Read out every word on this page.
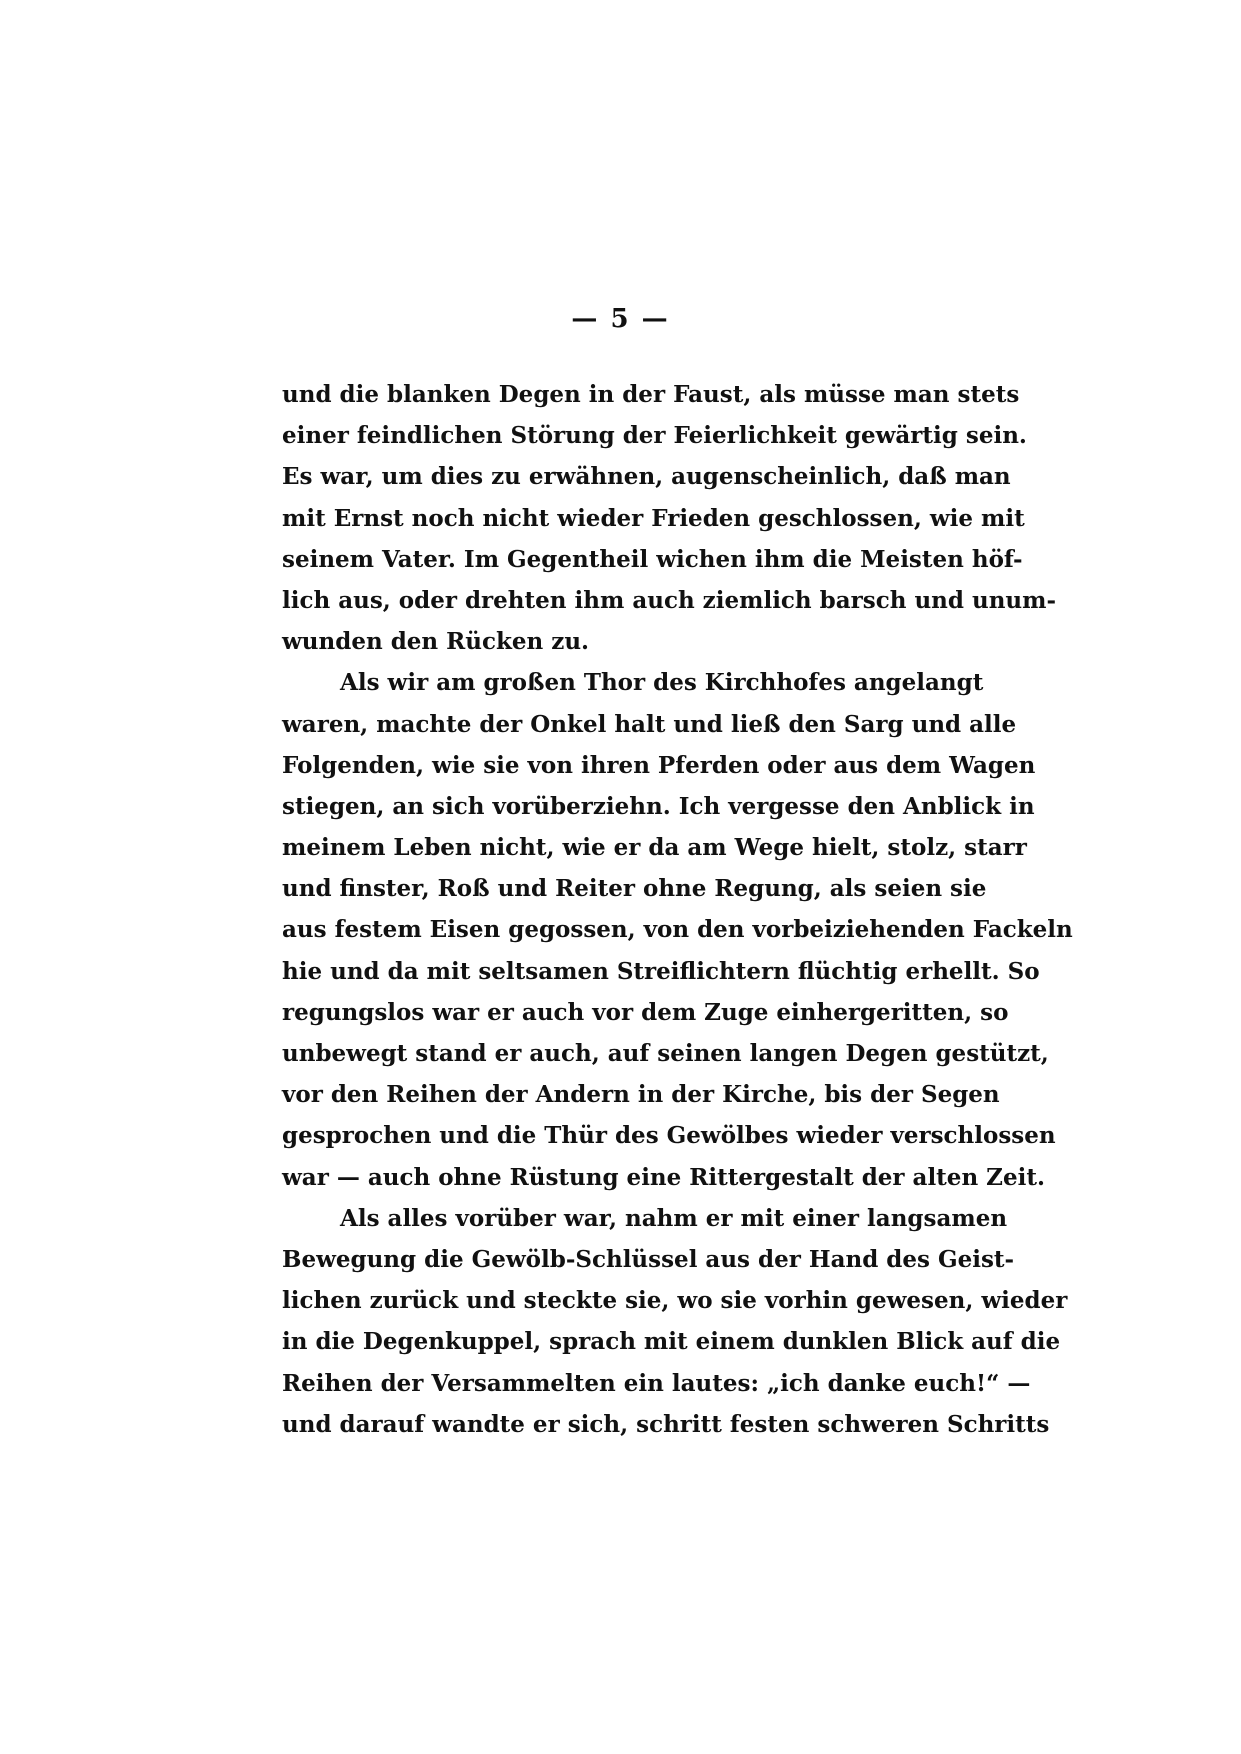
— 5 —
und die blanken Degen in der Faust, als müsse man stets
einer feindlichen Störung der Feierlichkeit gewärtig sein.
Es war, um dies zu erwähnen, augenscheinlich, daß man
mit Ernst noch nicht wieder Frieden geschlossen, wie mit
seinem Vater. Im Gegentheil wichen ihm die Meisten höf-
lich aus, oder drehten ihm auch ziemlich barsch und unum-
wunden den Rücken zu.
Als wir am großen Thor des Kirchhofes angelangt
waren, machte der Onkel halt und ließ den Sarg und alle
Folgenden, wie sie von ihren Pferden oder aus dem Wagen
stiegen, an sich vorüberziehn. Ich vergesse den Anblick in
meinem Leben nicht, wie er da am Wege hielt, stolz, starr
und finster, Roß und Reiter ohne Regung, als seien sie
aus festem Eisen gegossen, von den vorbeiziehenden Fackeln
hie und da mit seltsamen Streiflichtern flüchtig erhellt. So
regungslos war er auch vor dem Zuge einhergeritten, so
unbewegt stand er auch, auf seinen langen Degen gestützt,
vor den Reihen der Andern in der Kirche, bis der Segen
gesprochen und die Thür des Gewölbes wieder verschlossen
war — auch ohne Rüstung eine Rittergestalt der alten Zeit.
Als alles vorüber war, nahm er mit einer langsamen
Bewegung die Gewölb-Schlüssel aus der Hand des Geist-
lichen zurück und steckte sie, wo sie vorhin gewesen, wieder
in die Degenkuppel, sprach mit einem dunklen Blick auf die
Reihen der Versammelten ein lautes: „ich danke euch!“ —
und darauf wandte er sich, schritt festen schweren Schritts
